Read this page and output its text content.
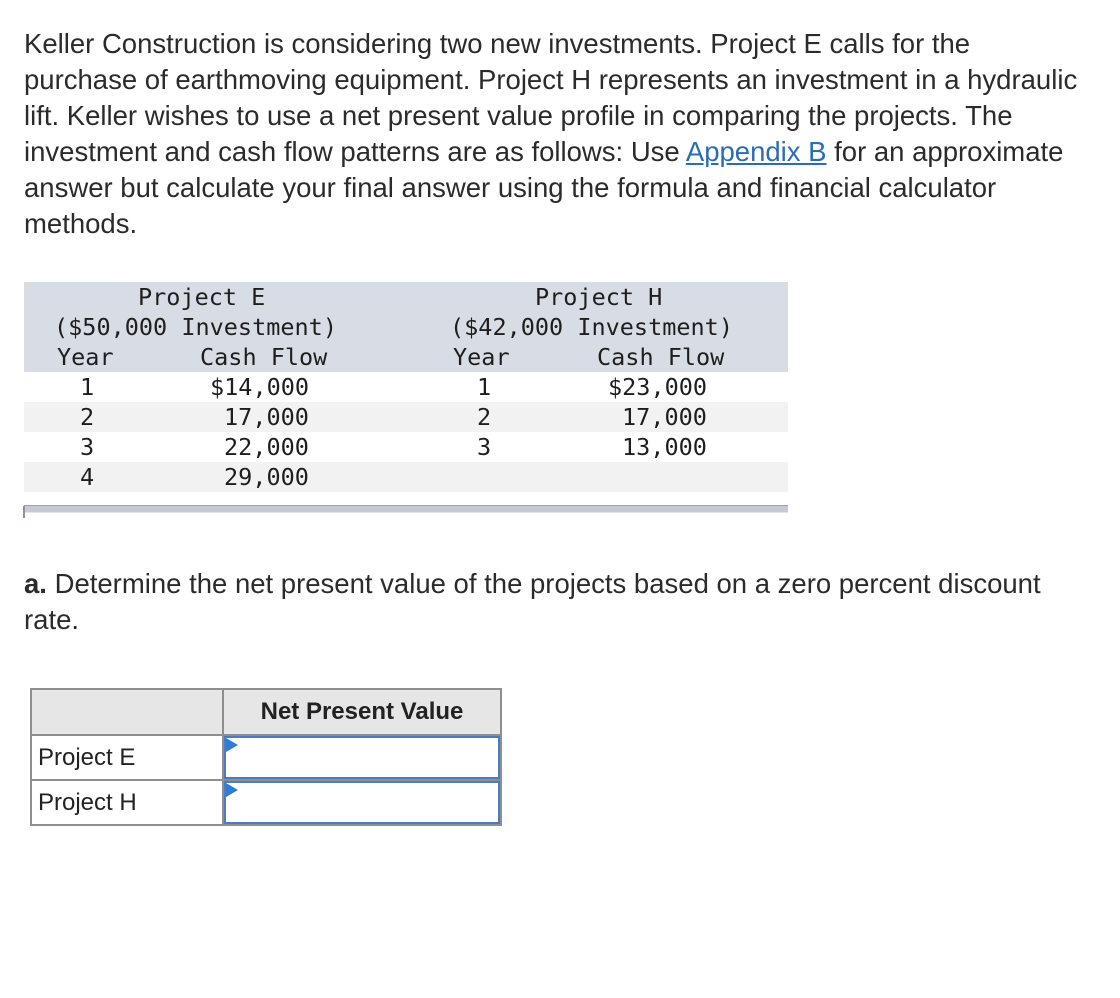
Keller Construction is considering two new investments. Project E calls for the purchase of earthmoving equipment. Project H represents an investment in a hydraulic lift. Keller wishes to use a net present value profile in comparing the projects. The investment and cash flow patterns are as follows: Use Appendix B for an approximate answer but calculate your final answer using the formula and financial calculator methods.

Project E
($50,000 Investment)
Year	Cash Flow
Project H
($42,000 Investment)
Year	Cash Flow
1	$14,000	1	$23,000
2	17,000	2	17,000
3	22,000	3	13,000
4	29,000

a. Determine the net present value of the projects based on a zero percent discount rate.

	Net Present Value
Project E	

Project H	
